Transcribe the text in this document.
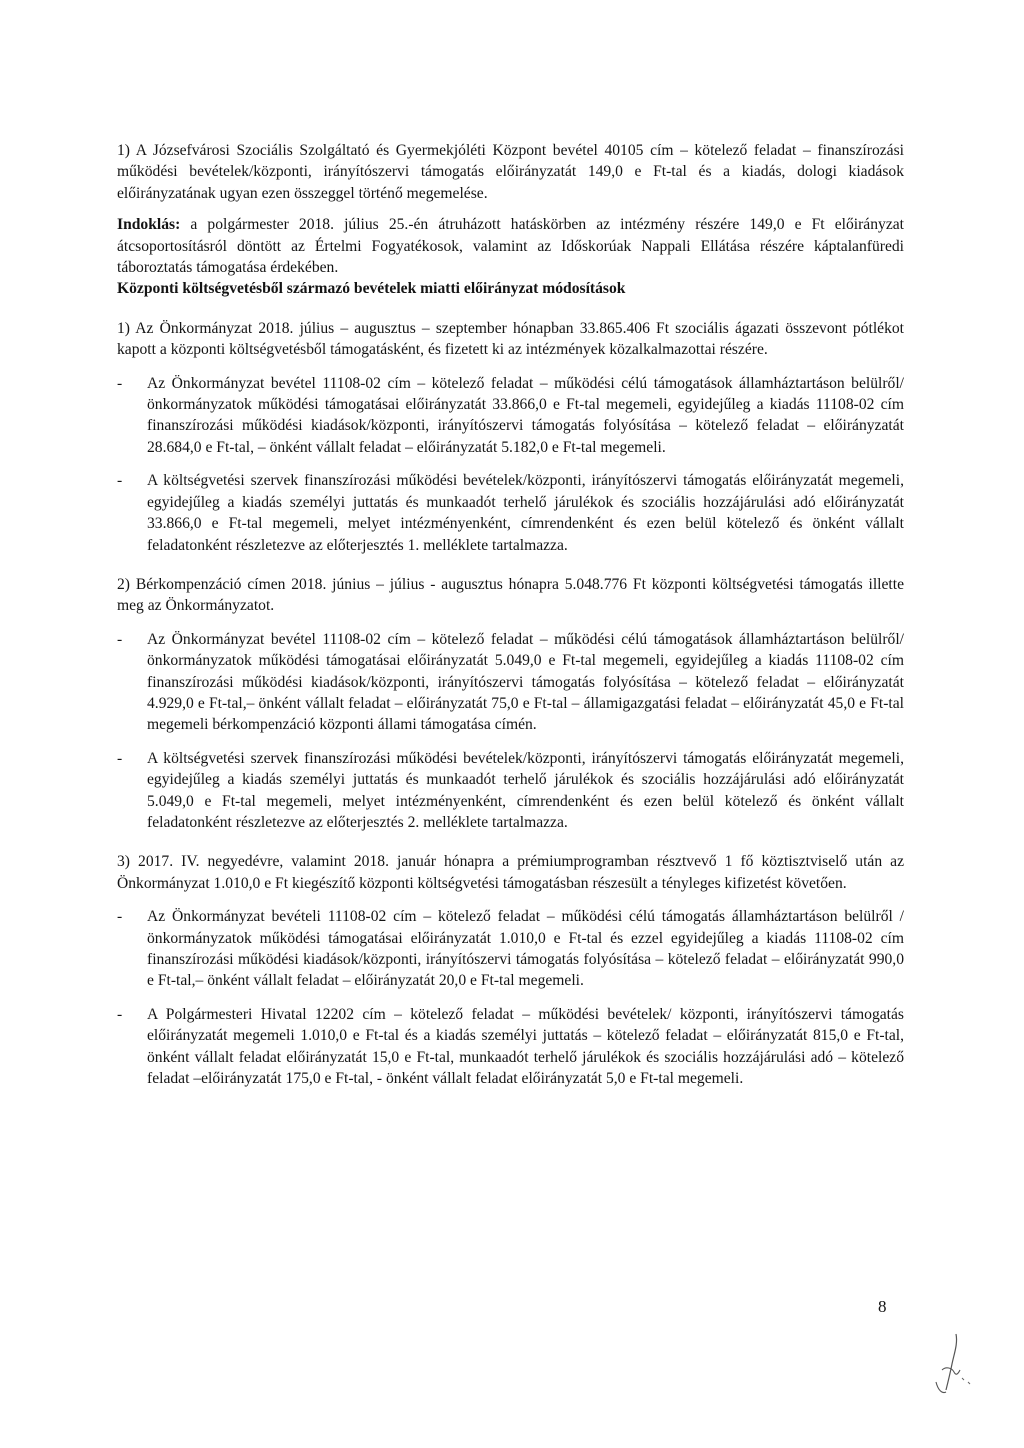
1) A Józsefvárosi Szociális Szolgáltató és Gyermekjóléti Központ bevétel 40105 cím – kötelező feladat – finanszírozási működési bevételek/központi, irányítószervi támogatás előirányzatát 149,0 e Ft-tal és a kiadás, dologi kiadások előirányzatának ugyan ezen összeggel történő megemelése.

Indoklás: a polgármester 2018. július 25.-én átruházott hatáskörben az intézmény részére 149,0 e Ft előirányzat átcsoportosításról döntött az Értelmi Fogyatékosok, valamint az Időskorúak Nappali Ellátása részére káptalanfüredi táboroztatás támogatása érdekében.

Központi költségvetésből származó bevételek miatti előirányzat módosítások

1) Az Önkormányzat 2018. július – augusztus – szeptember hónapban 33.865.406 Ft szociális ágazati összevont pótlékot kapott a központi költségvetésből támogatásként, és fizetett ki az intézmények közalkalmazottai részére.

-	Az Önkormányzat bevétel 11108-02 cím – kötelező feladat – működési célú támogatások államháztartáson belülről/önkormányzatok működési támogatásai előirányzatát 33.866,0 e Ft-tal megemeli, egyidejűleg a kiadás 11108-02 cím finanszírozási működési kiadások/központi, irányítószervi támogatás folyósítása – kötelező feladat – előirányzatát 28.684,0 e Ft-tal, – önként vállalt feladat – előirányzatát 5.182,0 e Ft-tal megemeli.
-	A költségvetési szervek finanszírozási működési bevételek/központi, irányítószervi támogatás előirányzatát megemeli, egyidejűleg a kiadás személyi juttatás és munkaadót terhelő járulékok és szociális hozzájárulási adó előirányzatát 33.866,0 e Ft-tal megemeli, melyet intézményenként, címrendenként és ezen belül kötelező és önként vállalt feladatonként részletezve az előterjesztés 1. melléklete tartalmazza.

2) Bérkompenzáció címen 2018. június – július - augusztus hónapra 5.048.776 Ft központi költségvetési támogatás illette meg az Önkormányzatot.

-	Az Önkormányzat bevétel 11108-02 cím – kötelező feladat – működési célú támogatások államháztartáson belülről/önkormányzatok működési támogatásai előirányzatát 5.049,0 e Ft-tal megemeli, egyidejűleg a kiadás 11108-02 cím finanszírozási működési kiadások/központi, irányítószervi támogatás folyósítása – kötelező feladat – előirányzatát 4.929,0 e Ft-tal,– önként vállalt feladat – előirányzatát 75,0 e Ft-tal – államigazgatási feladat – előirányzatát 45,0 e Ft-tal megemeli bérkompenzáció központi állami támogatása címén.
-	A költségvetési szervek finanszírozási működési bevételek/központi, irányítószervi támogatás előirányzatát megemeli, egyidejűleg a kiadás személyi juttatás és munkaadót terhelő járulékok és szociális hozzájárulási adó előirányzatát 5.049,0 e Ft-tal megemeli, melyet intézményenként, címrendenként és ezen belül kötelező és önként vállalt feladatonként részletezve az előterjesztés 2. melléklete tartalmazza.

3) 2017. IV. negyedévre, valamint 2018. január hónapra a prémiumprogramban résztvevő 1 fő köztisztviselő után az Önkormányzat 1.010,0 e Ft kiegészítő központi költségvetési támogatásban részesült a tényleges kifizetést követően.

-	Az Önkormányzat bevételi 11108-02 cím – kötelező feladat – működési célú támogatás államháztartáson belülről /önkormányzatok működési támogatásai előirányzatát 1.010,0 e Ft-tal és ezzel egyidejűleg a kiadás 11108-02 cím finanszírozási működési kiadások/központi, irányítószervi támogatás folyósítása – kötelező feladat – előirányzatát 990,0 e Ft-tal,– önként vállalt feladat – előirányzatát 20,0 e Ft-tal megemeli.
-	A Polgármesteri Hivatal 12202 cím – kötelező feladat – működési bevételek/ központi, irányítószervi támogatás előirányzatát megemeli 1.010,0 e Ft-tal és a kiadás személyi juttatás – kötelező feladat – előirányzatát 815,0 e Ft-tal, önként vállalt feladat előirányzatát 15,0 e Ft-tal, munkaadót terhelő járulékok és szociális hozzájárulási adó – kötelező feladat –előirányzatát 175,0 e Ft-tal, - önként vállalt feladat előirányzatát 5,0 e Ft-tal megemeli.
8
